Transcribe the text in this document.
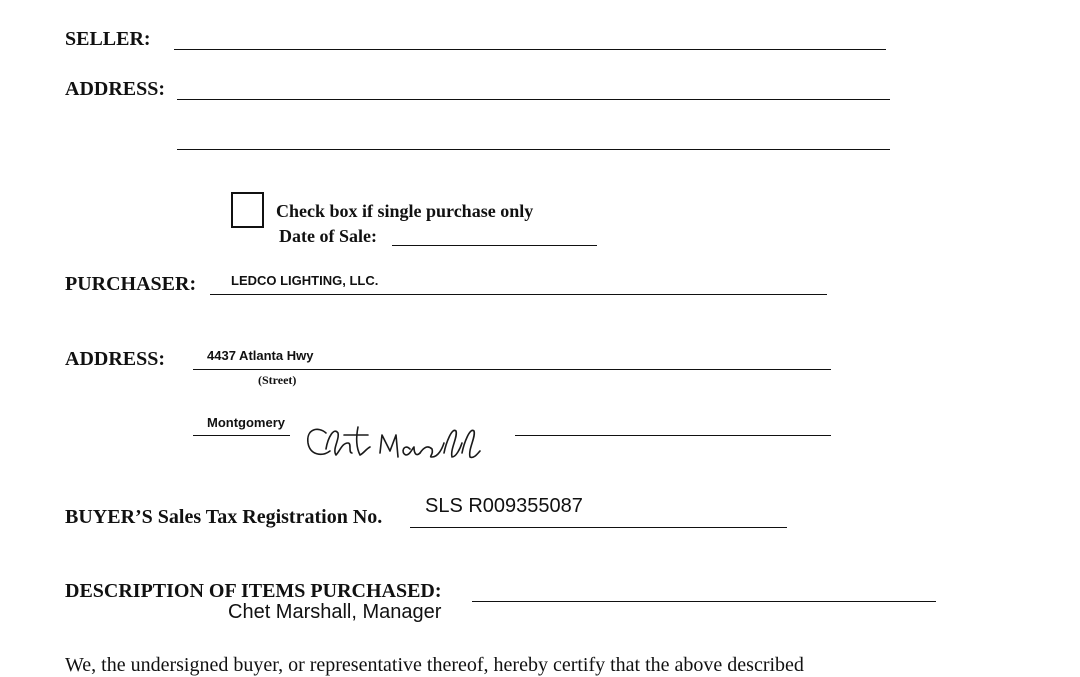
SELLER:
ADDRESS:
Check box if single purchase only
Date of Sale:
PURCHASER:	LEDCO LIGHTING, LLC.
ADDRESS:	4437 Atlanta Hwy
(Street)
Montgomery
BUYER’S Sales Tax Registration No. SLS R009355087
DESCRIPTION OF ITEMS PURCHASED:
Chet Marshall, Manager
We, the undersigned buyer, or representative thereof, hereby certify that the above described
